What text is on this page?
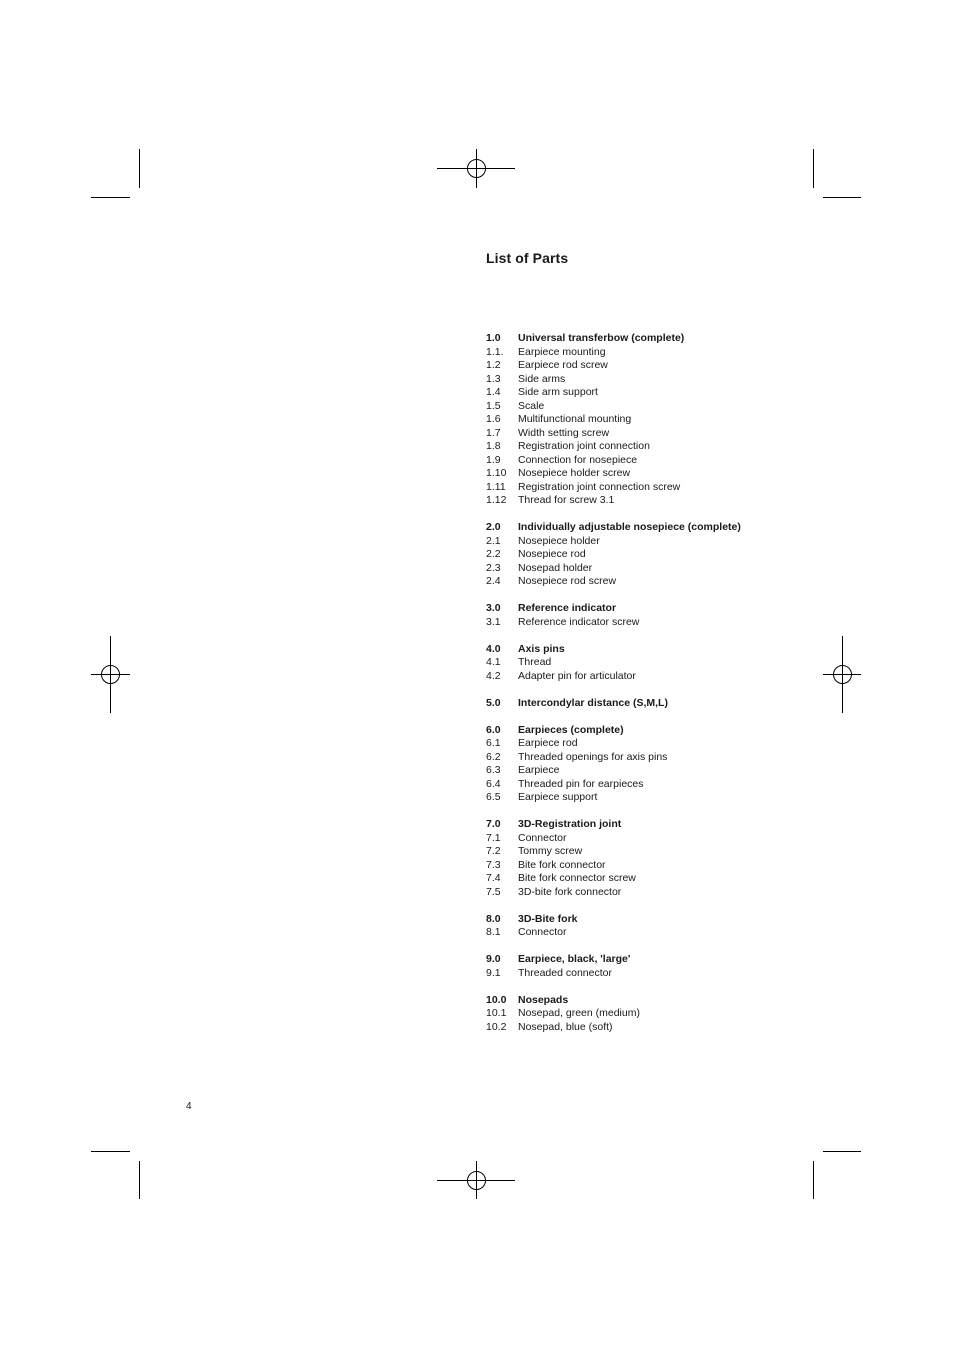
List of Parts
1.0	Universal transferbow (complete)
1.1.	Earpiece mounting
1.2	Earpiece rod screw
1.3	Side arms
1.4	Side arm support
1.5	Scale
1.6	Multifunctional mounting
1.7	Width setting screw
1.8	Registration joint connection
1.9	Connection for nosepiece
1.10	Nosepiece holder screw
1.11	Registration joint connection screw
1.12	Thread for screw 3.1
2.0	Individually adjustable nosepiece (complete)
2.1	Nosepiece holder
2.2	Nosepiece rod
2.3	Nosepad holder
2.4	Nosepiece rod screw
3.0	Reference indicator
3.1	Reference indicator screw
4.0	Axis pins
4.1	Thread
4.2	Adapter pin for articulator
5.0	Intercondylar distance (S,M,L)
6.0	Earpieces (complete)
6.1	Earpiece rod
6.2	Threaded openings for axis pins
6.3	Earpiece
6.4	Threaded pin for earpieces
6.5	Earpiece support
7.0	3D-Registration joint
7.1	Connector
7.2	Tommy screw
7.3	Bite fork connector
7.4	Bite fork connector screw
7.5	3D-bite fork connector
8.0	3D-Bite fork
8.1	Connector
9.0	Earpiece, black, 'large'
9.1	Threaded connector
10.0	Nosepads
10.1	Nosepad, green (medium)
10.2	Nosepad, blue (soft)
4
